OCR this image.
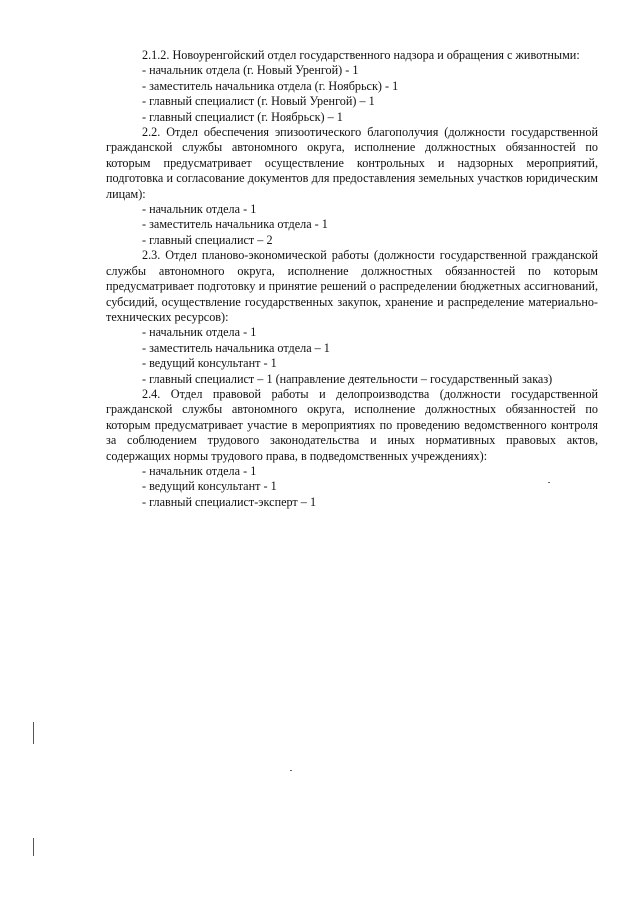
2.1.2. Новоуренгойский отдел государственного надзора и обращения с животными:

- начальник отдела (г. Новый Уренгой) - 1
- заместитель начальника отдела (г. Ноябрьск) - 1
- главный специалист (г. Новый Уренгой) – 1
- главный специалист (г. Ноябрьск) – 1

2.2. Отдел обеспечения эпизоотического благополучия (должности государственной гражданской службы автономного округа, исполнение должностных обязанностей по которым предусматривает осуществление контрольных и надзорных мероприятий, подготовка и согласование документов для предоставления земельных участков юридическим лицам):

- начальник отдела - 1
- заместитель начальника отдела - 1
- главный специалист – 2

2.3. Отдел планово-экономической работы (должности государственной гражданской службы автономного округа, исполнение должностных обязанностей по которым предусматривает подготовку и принятие решений о распределении бюджетных ассигнований, субсидий, осуществление государственных закупок, хранение и распределение материально-технических ресурсов):

- начальник отдела - 1
- заместитель начальника отдела – 1
- ведущий консультант - 1
- главный специалист – 1 (направление деятельности – государственный заказ)

2.4. Отдел правовой работы и делопроизводства (должности государственной гражданской службы автономного округа, исполнение должностных обязанностей по которым предусматривает участие в мероприятиях по проведению ведомственного контроля за соблюдением трудового законодательства и иных нормативных правовых актов, содержащих нормы трудового права, в подведомственных учреждениях):

- начальник отдела - 1
- ведущий консультант - 1
- главный специалист-эксперт – 1
